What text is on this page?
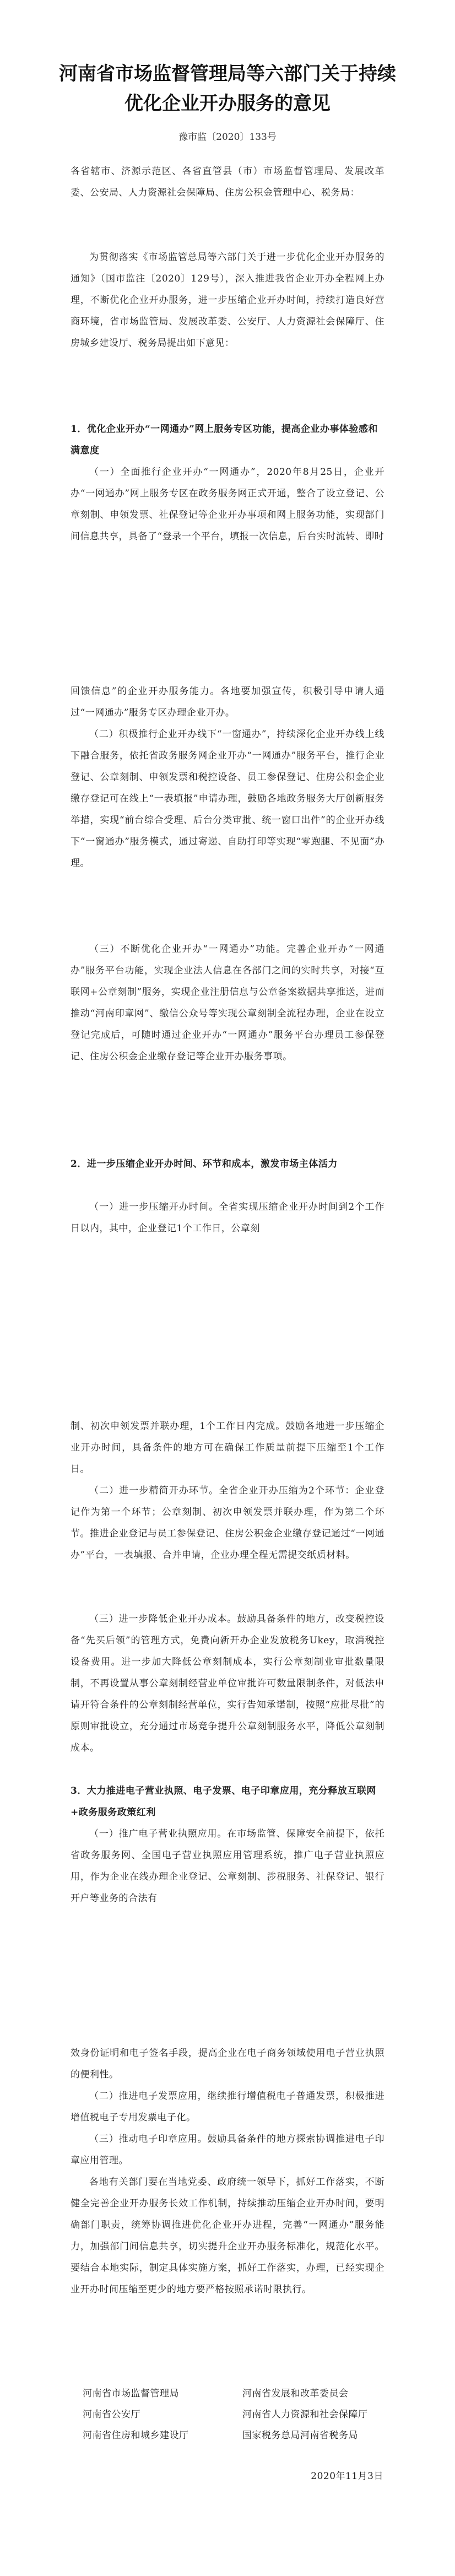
河南省市场监督管理局等六部门关于持续
优化企业开办服务的意见
豫市监〔2020〕133号

各省辖市、济源示范区、各省直管县（市）市场监督管理局、发展改革委、公安局、人力资源社会保障局、住房公积金管理中心、税务局：

为贯彻落实《市场监管总局等六部门关于进一步优化企业开办服务的通知》（国市监注〔2020〕129号），深入推进我省企业开办全程网上办理，不断优化企业开办服务，进一步压缩企业开办时间，持续打造良好营商环境，省市场监管局、发展改革委、公安厅、人力资源社会保障厅、住房城乡建设厅、税务局提出如下意见：

1．优化企业开办“一网通办”网上服务专区功能，提高企业办事体验感和满意度

（一）全面推行企业开办“一网通办”，2020年8月25日，企业开办“一网通办”网上服务专区在政务服务网正式开通，整合了设立登记、公章刻制、申领发票、社保登记等企业开办事项和网上服务功能，实现部门间信息共享，具备了“登录一个平台，填报一次信息，后台实时流转、即时

回馈信息”的企业开办服务能力。各地要加强宣传，积极引导申请人通过“一网通办”服务专区办理企业开办。

（二）积极推行企业开办线下“一窗通办”，持续深化企业开办线上线下融合服务，依托省政务服务网企业开办“一网通办”服务平台，推行企业登记、公章刻制、申领发票和税控设备、员工参保登记、住房公积金企业缴存登记可在线上“一表填报”申请办理，鼓励各地政务服务大厅创新服务举措，实现“前台综合受理、后台分类审批、统一窗口出件”的企业开办线下“一窗通办”服务模式，通过寄递、自助打印等实现“零跑腿、不见面”办理。

（三）不断优化企业开办“一网通办”功能。完善企业开办“一网通办”服务平台功能，实现企业法人信息在各部门之间的实时共享，对接“互联网+公章刻制”服务，实现企业注册信息与公章备案数据共享推送，进而推动“河南印章网”、缴信公众号等实现公章刻制全流程办理，企业在设立登记完成后，可随时通过企业开办“一网通办”服务平台办理员工参保登记、住房公积金企业缴存登记等企业开办服务事项。

2．进一步压缩企业开办时间、环节和成本，激发市场主体活力

（一）进一步压缩开办时间。全省实现压缩企业开办时间到2个工作日以内，其中，企业登记1个工作日，公章刻

制、初次申领发票并联办理，1个工作日内完成。鼓励各地进一步压缩企业开办时间，具备条件的地方可在确保工作质量前提下压缩至1个工作日。

（二）进一步精简开办环节。全省企业开办压缩为2个环节：企业登记作为第一个环节；公章刻制、初次申领发票并联办理，作为第二个环节。推进企业登记与员工参保登记、住房公积金企业缴存登记通过“一网通办”平台，一表填报、合并申请，企业办理全程无需提交纸质材料。

（三）进一步降低企业开办成本。鼓励具备条件的地方，改变税控设备“先买后领”的管理方式，免费向新开办企业发放税务Ukey，取消税控设备费用。进一步加大降低公章刻制成本，实行公章刻制业审批数量限制，不再设置从事公章刻制经营业单位审批许可数量限制条件，对低法申请开符合条件的公章刻制经营单位，实行告知承诺制，按照“应批尽批”的原则审批设立，充分通过市场竞争提升公章刻制服务水平，降低公章刻制成本。

3．大力推进电子营业执照、电子发票、电子印章应用，充分释放互联网+政务服务政策红利

（一）推广电子营业执照应用。在市场监管、保障安全前提下，依托省政务服务网、全国电子营业执照应用管理系统，推广电子营业执照应用，作为企业在线办理企业登记、公章刻制、涉税服务、社保登记、银行开户等业务的合法有

效身份证明和电子签名手段，提高企业在电子商务领域使用电子营业执照的便利性。

（二）推进电子发票应用，继续推行增值税电子普通发票，积极推进增值税电子专用发票电子化。

（三）推动电子印章应用。鼓励具备条件的地方探索协调推进电子印章应用管理。

各地有关部门要在当地党委、政府统一领导下，抓好工作落实，不断健全完善企业开办服务长效工作机制，持续推动压缩企业开办时间，要明确部门职责，统筹协调推进优化企业开办进程，完善“一网通办”服务能力，加强部门间信息共享，切实提升企业开办服务标准化，规范化水平。要结合本地实际，制定具体实施方案，抓好工作落实，办理，已经实现企业开办时间压缩至更少的地方要严格按照承诺时限执行。

河南省市场监督管理局
河南省公安厅
河南省住房和城乡建设厅
河南省发展和改革委员会
河南省人力资源和社会保障厅
国家税务总局河南省税务局
2020年11月3日
